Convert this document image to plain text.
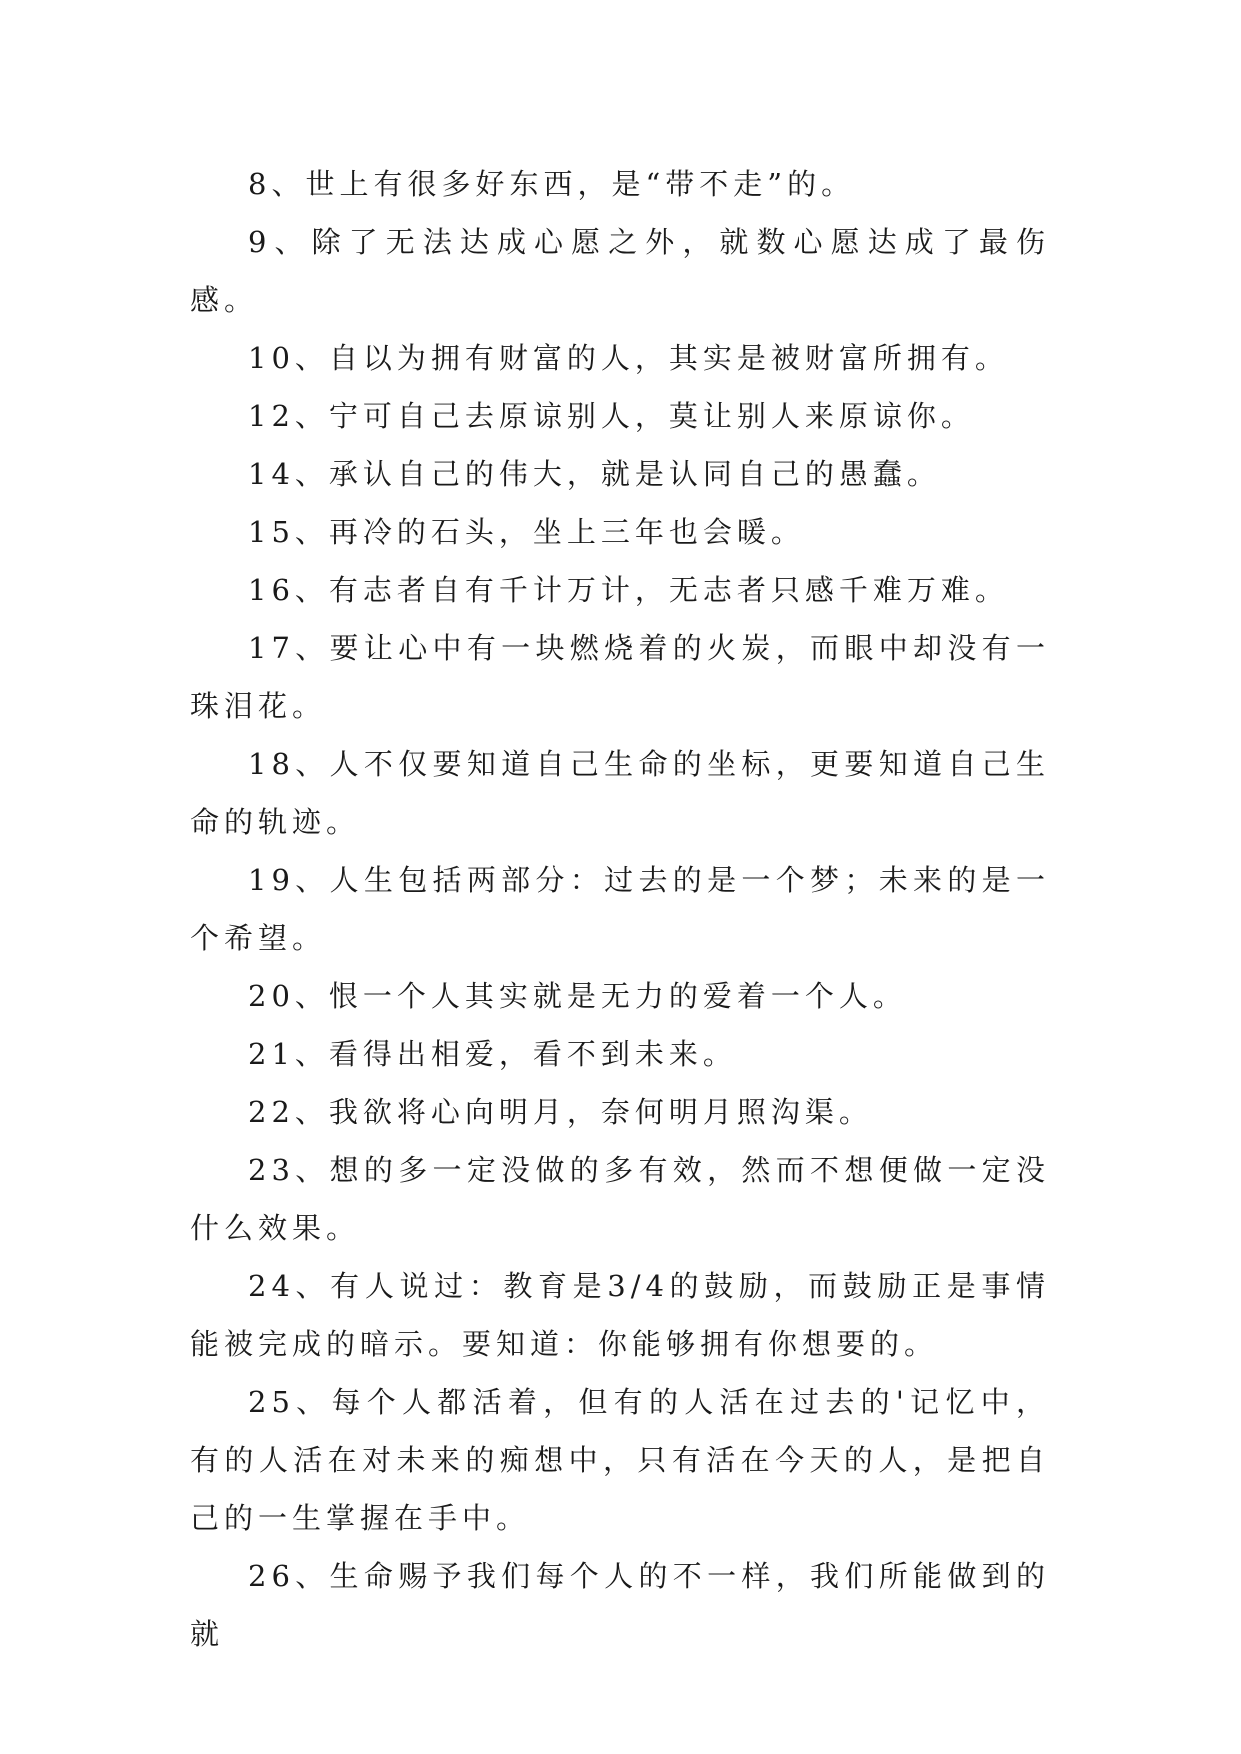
8、世上有很多好东西，是“带不走”的。

9、除了无法达成心愿之外，就数心愿达成了最伤感。

10、自以为拥有财富的人，其实是被财富所拥有。

12、宁可自己去原谅别人，莫让别人来原谅你。

14、承认自己的伟大，就是认同自己的愚蠢。

15、再冷的石头，坐上三年也会暖。

16、有志者自有千计万计，无志者只感千难万难。

17、要让心中有一块燃烧着的火炭，而眼中却没有一珠泪花。

18、人不仅要知道自己生命的坐标，更要知道自己生命的轨迹。

19、人生包括两部分：过去的是一个梦；未来的是一个希望。

20、恨一个人其实就是无力的爱着一个人。

21、看得出相爱，看不到未来。

22、我欲将心向明月，奈何明月照沟渠。

23、想的多一定没做的多有效，然而不想便做一定没什么效果。

24、有人说过：教育是3/4的鼓励，而鼓励正是事情能被完成的暗示。要知道：你能够拥有你想要的。

25、每个人都活着，但有的人活在过去的'记忆中，有的人活在对未来的痴想中，只有活在今天的人，是把自己的一生掌握在手中。

26、生命赐予我们每个人的不一样，我们所能做到的就
